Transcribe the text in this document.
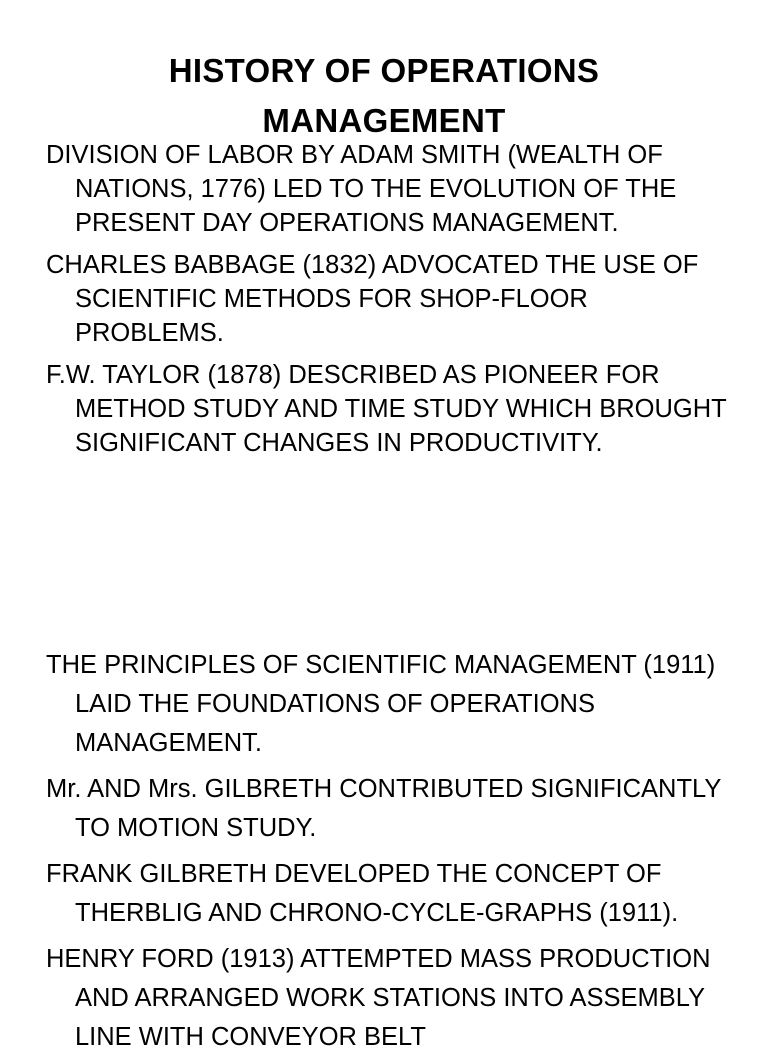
HISTORY OF OPERATIONS
MANAGEMENT
DIVISION OF LABOR BY ADAM SMITH (WEALTH OF NATIONS, 1776) LED TO THE EVOLUTION OF THE PRESENT DAY OPERATIONS MANAGEMENT.
CHARLES BABBAGE (1832) ADVOCATED THE USE OF SCIENTIFIC METHODS FOR SHOP-FLOOR PROBLEMS.
F.W. TAYLOR (1878) DESCRIBED AS PIONEER FOR METHOD STUDY AND TIME STUDY WHICH BROUGHT SIGNIFICANT CHANGES IN PRODUCTIVITY.
THE PRINCIPLES OF SCIENTIFIC MANAGEMENT (1911) LAID THE FOUNDATIONS OF OPERATIONS MANAGEMENT.
Mr. AND Mrs. GILBRETH CONTRIBUTED SIGNIFICANTLY TO MOTION STUDY.
FRANK GILBRETH DEVELOPED THE CONCEPT OF THERBLIG AND CHRONO-CYCLE-GRAPHS (1911).
HENRY FORD (1913) ATTEMPTED MASS PRODUCTION AND ARRANGED WORK STATIONS INTO ASSEMBLY LINE WITH CONVEYOR BELT
